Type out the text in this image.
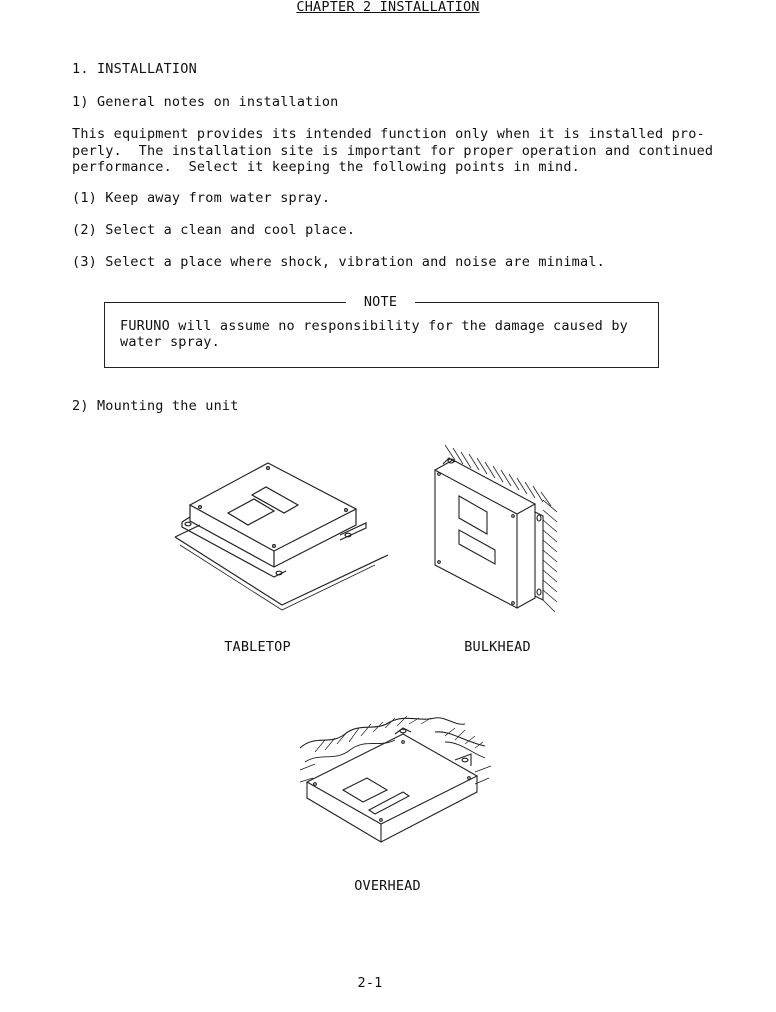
CHAPTER 2 INSTALLATION
1. INSTALLATION
1) General notes on installation
This equipment provides its intended function only when it is installed pro-
perly.  The installation site is important for proper operation and continued
performance.  Select it keeping the following points in mind.
(1) Keep away from water spray.
(2) Select a clean and cool place.
(3) Select a place where shock, vibration and noise are minimal.
NOTE
FURUNO will assume no responsibility for the damage caused by
water spray.
2) Mounting the unit
TABLETOP	BULKHEAD
OVERHEAD
2-1
